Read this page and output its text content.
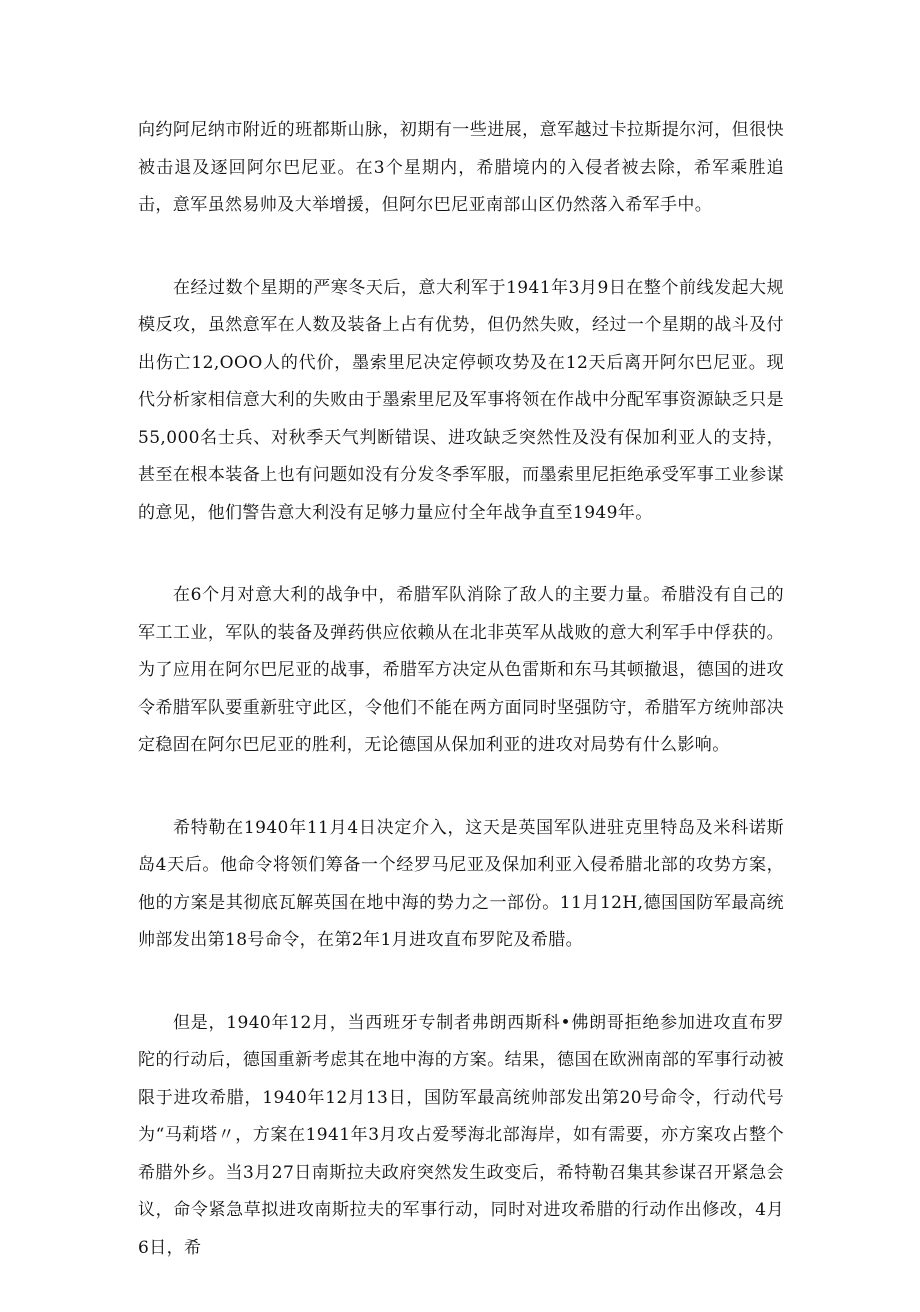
向约阿尼纳市附近的班都斯山脉，初期有一些进展，意军越过卡拉斯提尔河，但很快被击退及逐回阿尔巴尼亚。在3个星期内，希腊境内的入侵者被去除，希军乘胜追击，意军虽然易帅及大举增援，但阿尔巴尼亚南部山区仍然落入希军手中。

在经过数个星期的严寒冬天后，意大利军于1941年3月9日在整个前线发起大规模反攻，虽然意军在人数及装备上占有优势，但仍然失败，经过一个星期的战斗及付出伤亡12,OOO人的代价，墨索里尼决定停顿攻势及在12天后离开阿尔巴尼亚。现代分析家相信意大利的失败由于墨索里尼及军事将领在作战中分配军事资源缺乏只是55,000名士兵、对秋季天气判断错误、进攻缺乏突然性及没有保加利亚人的支持，甚至在根本装备上也有问题如没有分发冬季军服，而墨索里尼拒绝承受军事工业参谋的意见，他们警告意大利没有足够力量应付全年战争直至1949年。

在6个月对意大利的战争中，希腊军队消除了敌人的主要力量。希腊没有自己的军工工业，军队的装备及弹药供应依赖从在北非英军从战败的意大利军手中俘获的。为了应用在阿尔巴尼亚的战事，希腊军方决定从色雷斯和东马其顿撤退，德国的进攻令希腊军队要重新驻守此区，令他们不能在两方面同时坚强防守，希腊军方统帅部决定稳固在阿尔巴尼亚的胜利，无论德国从保加利亚的进攻对局势有什么影响。

希特勒在1940年11月4日决定介入，这天是英国军队进驻克里特岛及米科诺斯岛4天后。他命令将领们筹备一个经罗马尼亚及保加利亚入侵希腊北部的攻势方案，他的方案是其彻底瓦解英国在地中海的势力之一部份。11月12H,德国国防军最高统帅部发出第18号命令，在第2年1月进攻直布罗陀及希腊。

但是，1940年12月，当西班牙专制者弗朗西斯科•佛朗哥拒绝参加进攻直布罗陀的行动后，德国重新考虑其在地中海的方案。结果，德国在欧洲南部的军事行动被限于进攻希腊，1940年12月13日，国防军最高统帅部发出第20号命令，行动代号为“马莉塔〃，方案在1941年3月攻占爱琴海北部海岸，如有需要，亦方案攻占整个希腊外乡。当3月27日南斯拉夫政府突然发生政变后，希特勒召集其参谋召开紧急会议，命令紧急草拟进攻南斯拉夫的军事行动，同时对进攻希腊的行动作出修改，4月6日，希
